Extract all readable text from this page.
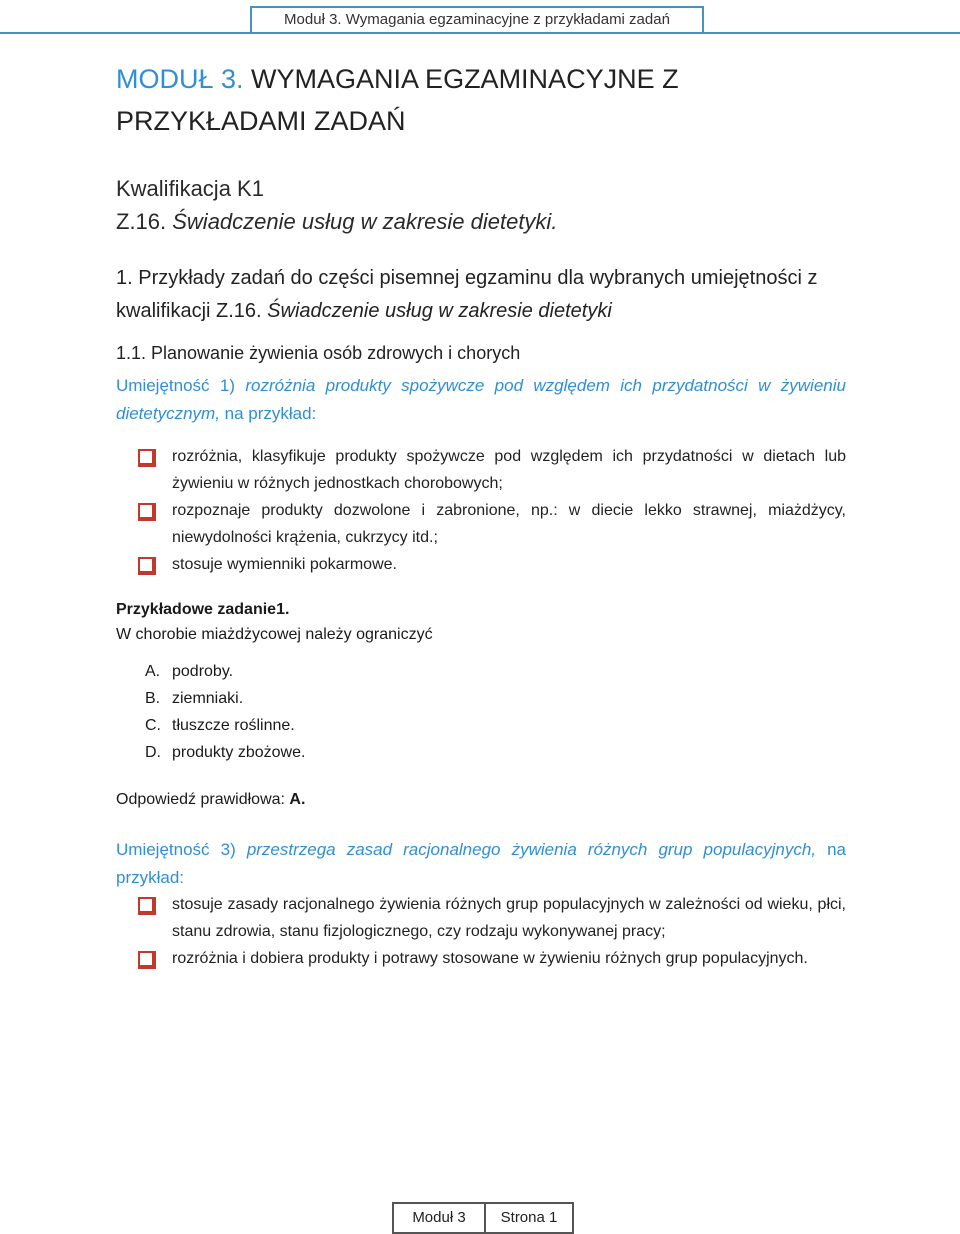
Moduł 3. Wymagania egzaminacyjne z przykładami zadań
MODUŁ 3. WYMAGANIA EGZAMINACYJNE Z PRZYKŁADAMI ZADAŃ
Kwalifikacja K1
Z.16. Świadczenie usług w zakresie dietetyki.
1. Przykłady zadań do części pisemnej egzaminu dla wybranych umiejętności z kwalifikacji Z.16. Świadczenie usług w zakresie dietetyki
1.1. Planowanie żywienia osób zdrowych i chorych
Umiejętność 1) rozróżnia produkty spożywcze pod względem ich przydatności w żywieniu dietetycznym, na przykład:
rozróżnia, klasyfikuje produkty spożywcze pod względem ich przydatności w dietach lub żywieniu w różnych jednostkach chorobowych;
rozpoznaje produkty dozwolone i zabronione, np.: w diecie lekko strawnej, miażdżycy, niewydolności krążenia, cukrzycy itd.;
stosuje wymienniki pokarmowe.
Przykładowe zadanie1.
W chorobie miażdżycowej należy ograniczyć
A. podroby.
B. ziemniaki.
C. tłuszcze roślinne.
D. produkty zbożowe.
Odpowiedź prawidłowa: A.
Umiejętność 3) przestrzega zasad racjonalnego żywienia różnych grup populacyjnych, na przykład:
stosuje zasady racjonalnego żywienia różnych grup populacyjnych w zależności od wieku, płci, stanu zdrowia, stanu fizjologicznego, czy rodzaju wykonywanej pracy;
rozróżnia i dobiera produkty i potrawy stosowane w żywieniu różnych grup populacyjnych.
Moduł 3	Strona 1
